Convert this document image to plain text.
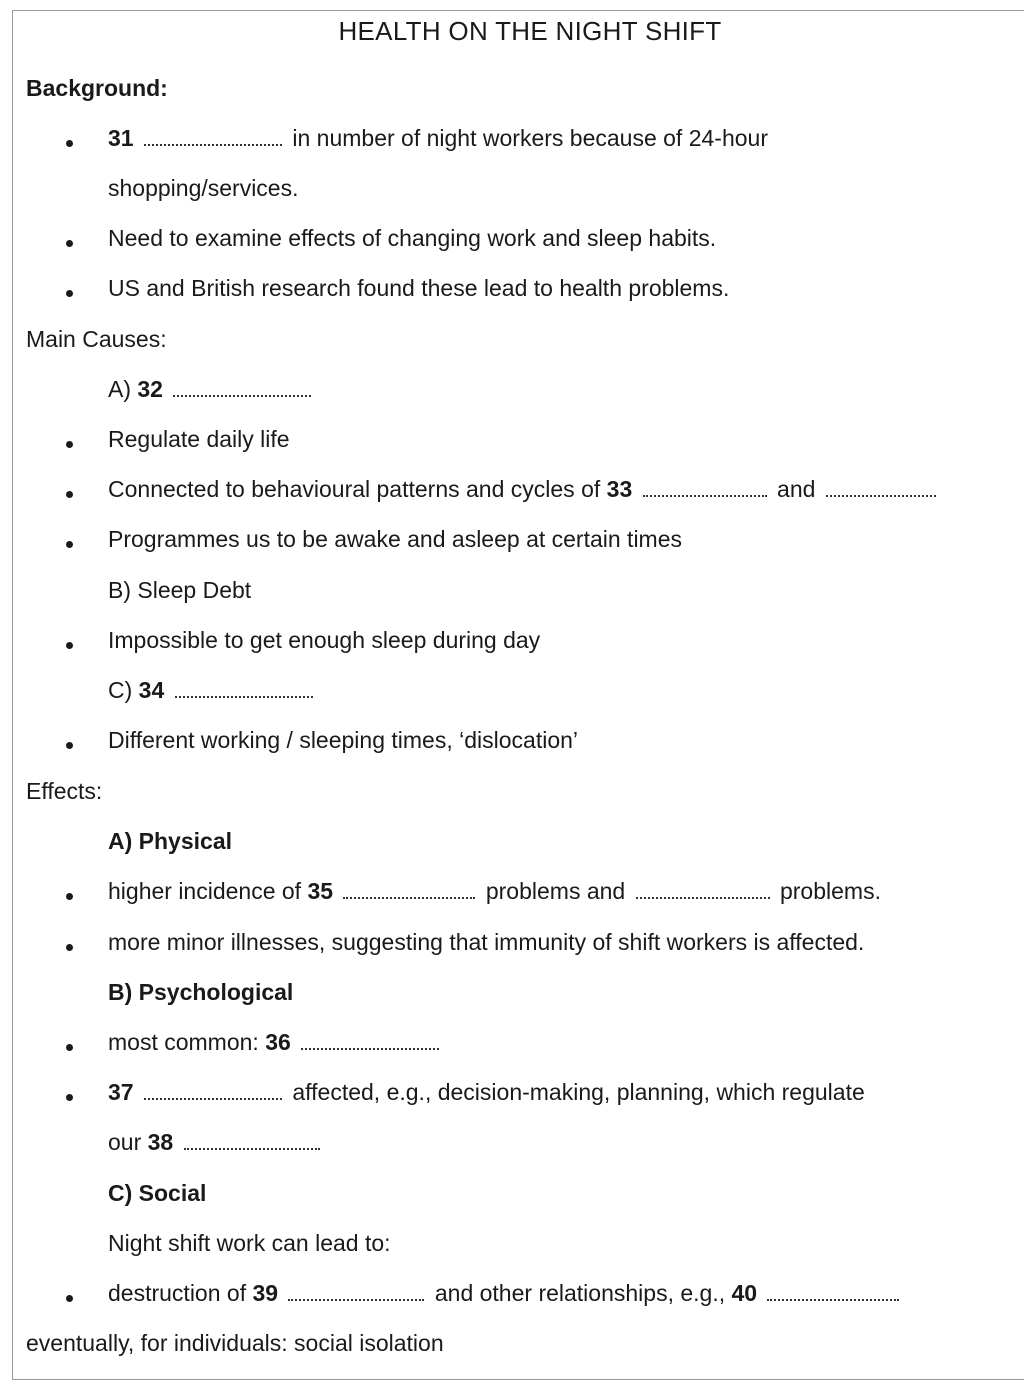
HEALTH ON THE NIGHT SHIFT
Background:
31	in number of night workers because of 24-hour
shopping/services.
Need to examine effects of changing work and sleep habits.
US and British research found these lead to health problems.
Main Causes:
A) 32
Regulate daily life
Connected to behavioural patterns and cycles of 33	and
Programmes us to be awake and asleep at certain times
B) Sleep Debt
Impossible to get enough sleep during day
C) 34
Different working / sleeping times, ‘dislocation’
Effects:
A) Physical
higher incidence of 35	problems and	problems.
more minor illnesses, suggesting that immunity of shift workers is affected.
B) Psychological
most common: 36
37	affected, e.g., decision-making, planning, which regulate
our 38
C) Social
Night shift work can lead to:
destruction of 39	and other relationships, e.g., 40
eventually, for individuals: social isolation
